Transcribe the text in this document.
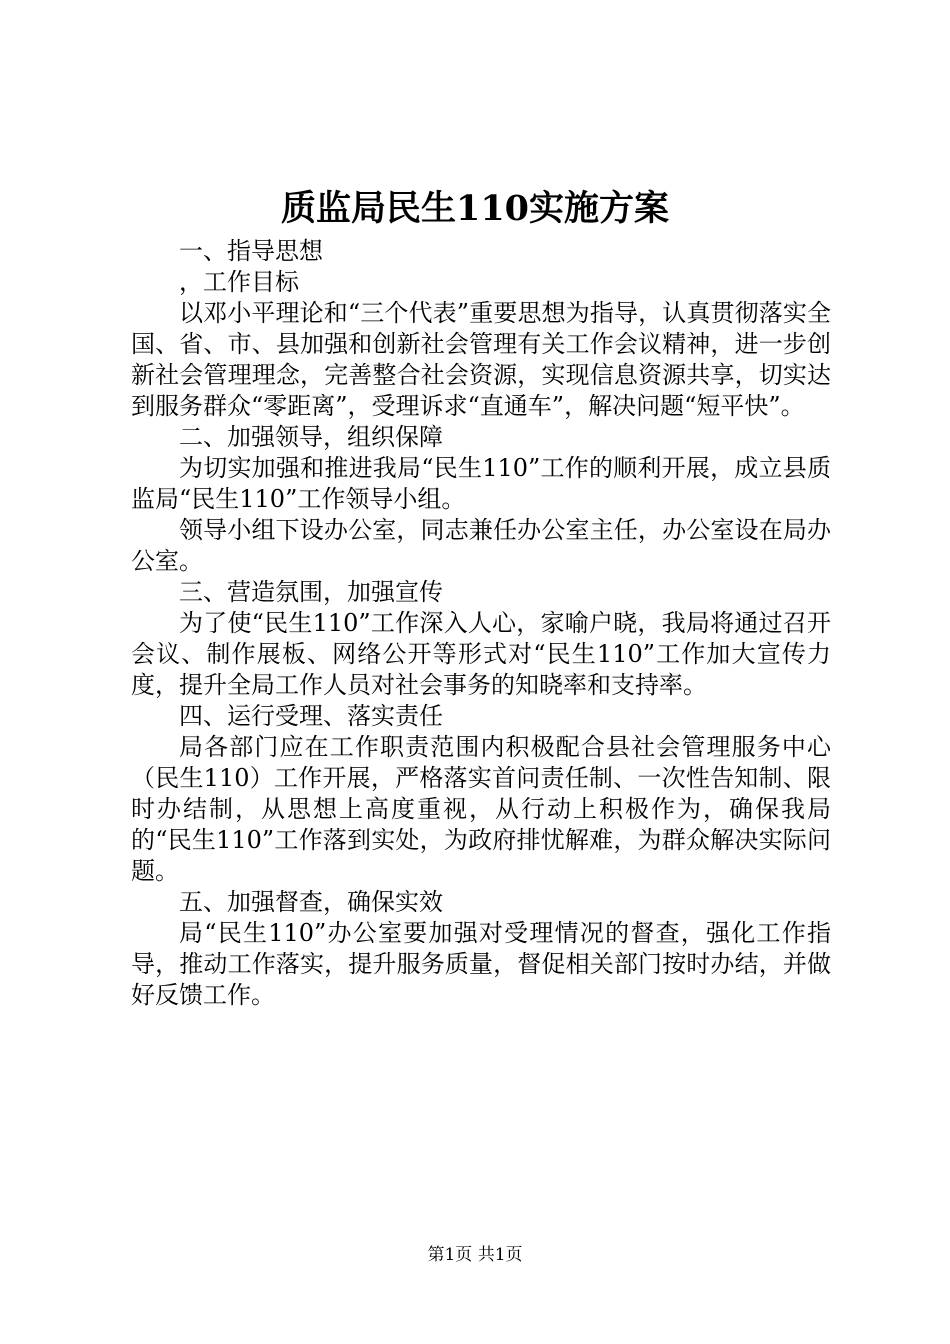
质监局民生110实施方案

一、指导思想

，工作目标

以邓小平理论和“三个代表”重要思想为指导，认真贯彻落实全国、省、市、县加强和创新社会管理有关工作会议精神，进一步创新社会管理理念，完善整合社会资源，实现信息资源共享，切实达到服务群众“零距离”，受理诉求“直通车”，解决问题“短平快”。

二、加强领导，组织保障

为切实加强和推进我局“民生110”工作的顺利开展，成立县质监局“民生110”工作领导小组。

领导小组下设办公室，同志兼任办公室主任，办公室设在局办公室。

三、营造氛围，加强宣传

为了使“民生110”工作深入人心，家喻户晓，我局将通过召开会议、制作展板、网络公开等形式对“民生110”工作加大宣传力度，提升全局工作人员对社会事务的知晓率和支持率。

四、运行受理、落实责任

局各部门应在工作职责范围内积极配合县社会管理服务中心（民生110）工作开展，严格落实首问责任制、一次性告知制、限时办结制，从思想上高度重视，从行动上积极作为，确保我局的“民生110”工作落到实处，为政府排忧解难，为群众解决实际问题。

五、加强督查，确保实效

局“民生110”办公室要加强对受理情况的督查，强化工作指导，推动工作落实，提升服务质量，督促相关部门按时办结，并做好反馈工作。

第1页 共1页
